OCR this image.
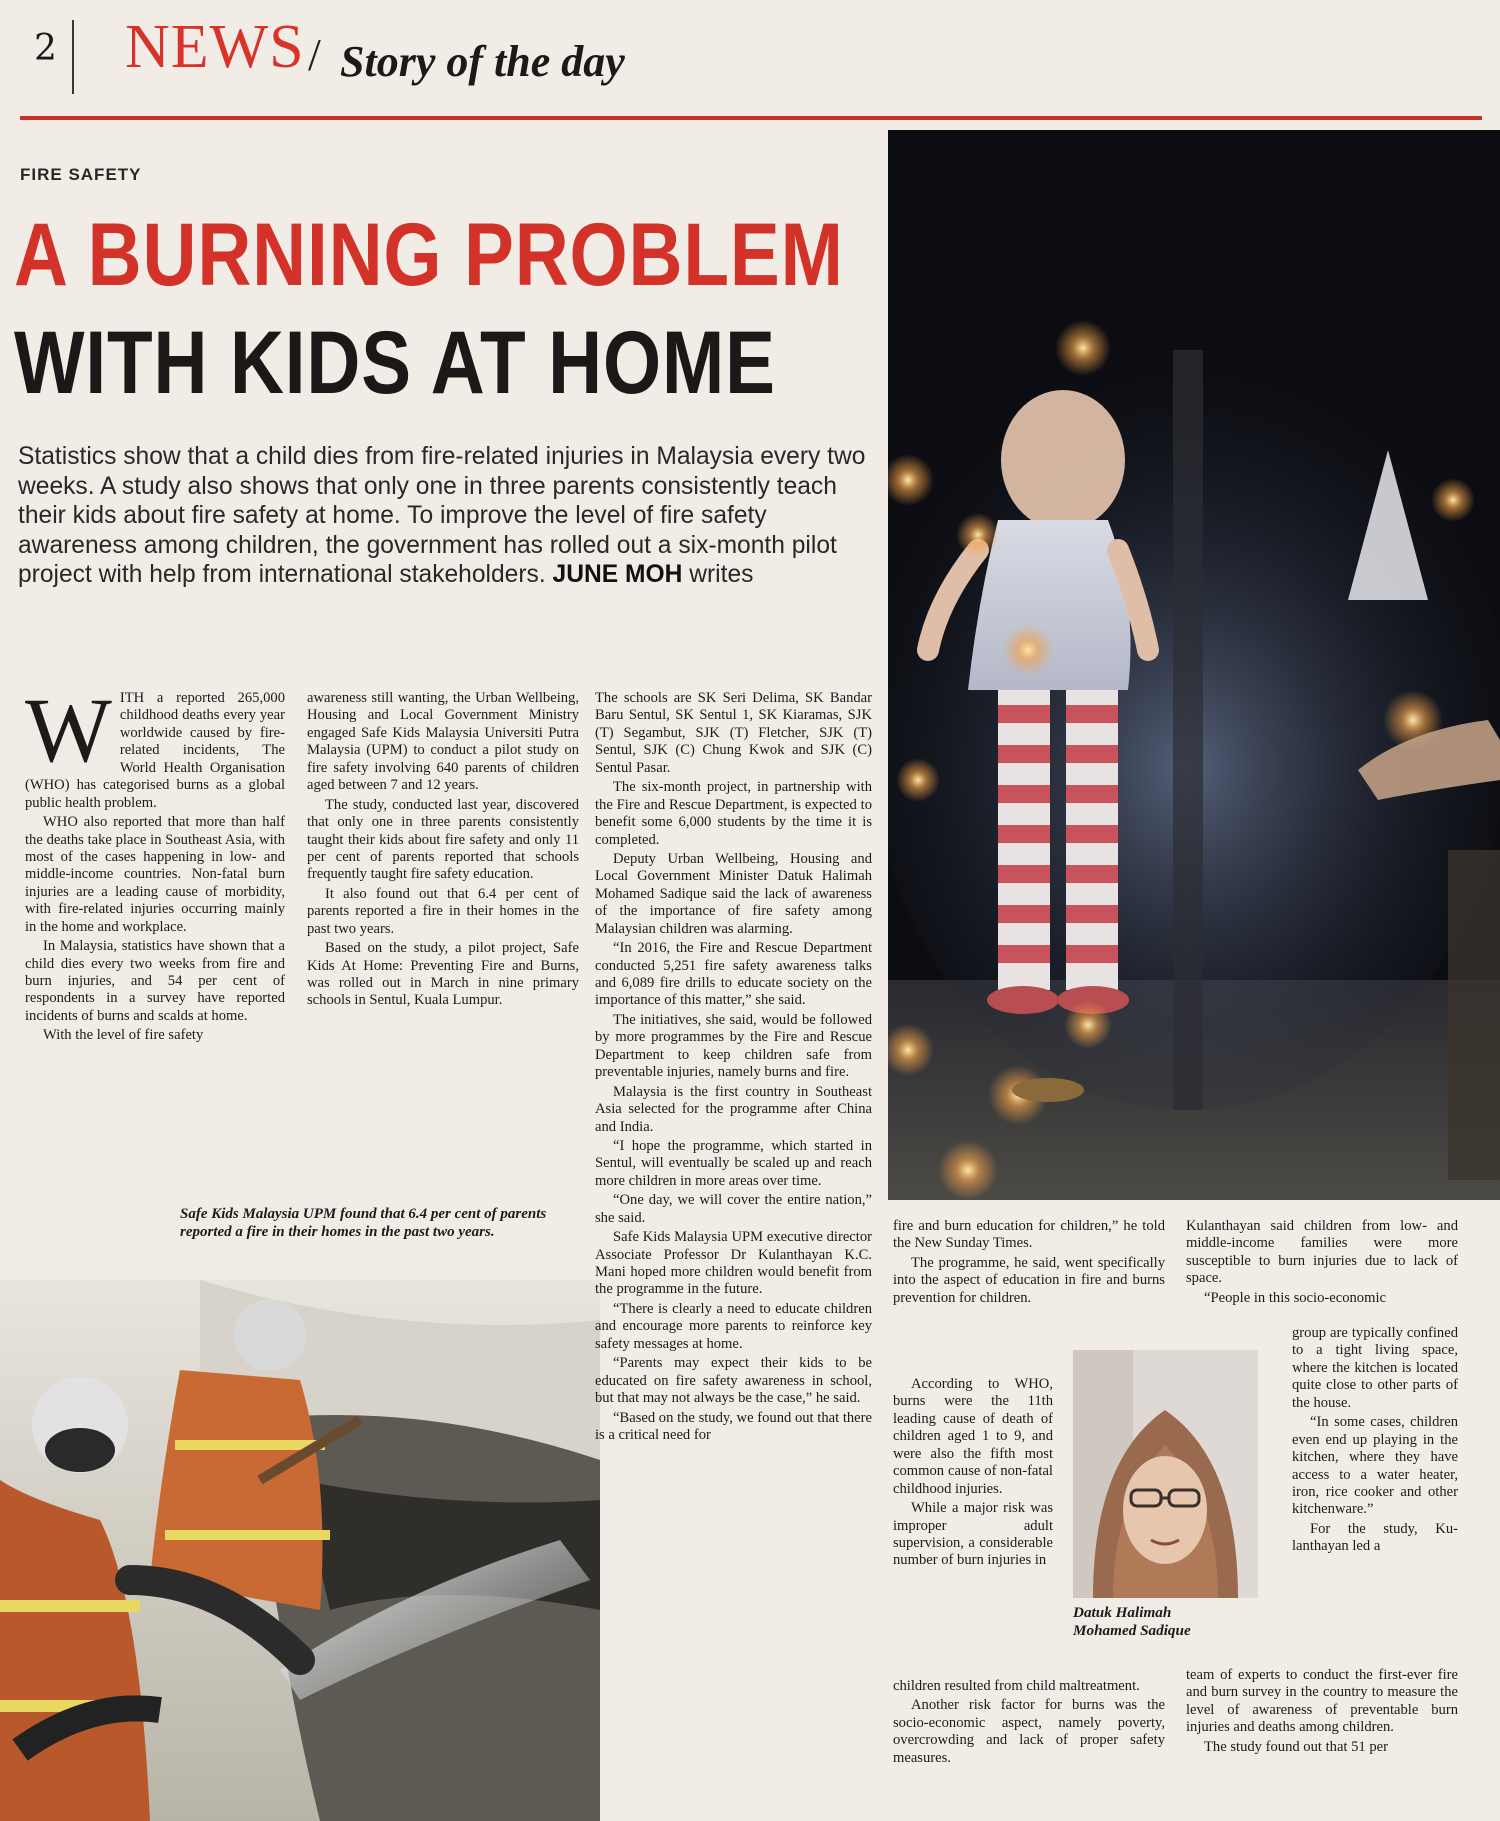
2 NEWS / Story of the day
FIRE SAFETY
A BURNING PROBLEM
WITH KIDS AT HOME
Statistics show that a child dies from fire-related injuries in Malaysia every two weeks. A study also shows that only one in three parents consistently teach their kids about fire safety at home. To improve the level of fire safety awareness among children, the government has rolled out a six-month pilot project with help from international stakeholders. JUNE MOH writes
W ITH a reported 265,000 childhood deaths every year worldwide caused by fire-related incidents, The World Health Organisation (WHO) has categorised burns as a global public health problem.

WHO also reported that more than half the deaths take place in Southeast Asia, with most of the cases happening in low- and middle-income countries. Non-fatal burn injuries are a leading cause of morbidity, with fire-related injuries occurring mainly in the home and workplace.

In Malaysia, statistics have shown that a child dies every two weeks from fire and burn injuries, and 54 per cent of respondents in a survey have reported incidents of burns and scalds at home.

With the level of fire safety

awareness still wanting, the Urban Wellbeing, Housing and Local Government Ministry engaged Safe Kids Malaysia Universiti Putra Malaysia (UPM) to conduct a pilot study on fire safety involving 640 parents of children aged between 7 and 12 years.

The study, conducted last year, discovered that only one in three parents consistently taught their kids about fire safety and only 11 per cent of parents reported that schools frequently taught fire safety education.

It also found out that 6.4 per cent of parents reported a fire in their homes in the past two years.

Based on the study, a pilot project, Safe Kids At Home: Preventing Fire and Burns, was rolled out in March in nine primary schools in Sentul, Kuala Lumpur.

Safe Kids Malaysia UPM found that 6.4 per cent of parents reported a fire in their homes in the past two years.

The schools are SK Seri Delima, SK Bandar Baru Sentul, SK Sentul 1, SK Kiaramas, SJK (T) Segambut, SJK (T) Fletcher, SJK (T) Sentul, SJK (C) Chung Kwok and SJK (C) Sentul Pasar.

The six-month project, in partnership with the Fire and Rescue Department, is expected to benefit some 6,000 students by the time it is completed.

Deputy Urban Wellbeing, Housing and Local Government Minister Datuk Halimah Mohamed Sadique said the lack of awareness of the importance of fire safety among Malaysian children was alarming.

“In 2016, the Fire and Rescue Department conducted 5,251 fire safety awareness talks and 6,089 fire drills to educate society on the importance of this matter,” she said.

The initiatives, she said, would be followed by more programmes by the Fire and Rescue Department to keep children safe from preventable injuries, namely burns and fire.

Malaysia is the first country in Southeast Asia selected for the programme after China and India.

“I hope the programme, which started in Sentul, will eventually be scaled up and reach more children in more areas over time.

“One day, we will cover the entire nation,” she said.

Safe Kids Malaysia UPM executive director Associate Professor Dr Kulanthayan K.C. Mani hoped more children would benefit from the programme in the future.

“There is clearly a need to educate children and encourage more parents to reinforce key safety messages at home.

“Parents may expect their kids to be educated on fire safety awareness in school, but that may not always be the case,” he said.

“Based on the study, we found out that there is a critical need for

fire and burn education for children,” he told the New Sunday Times.

The programme, he said, went specifically into the aspect of education in fire and burns prevention for children.

According to WHO, burns were the 11th leading cause of death of children aged 1 to 9, and were also the fifth most common cause of non-fatal childhood injuries.

While a major risk was improper adult supervision, a considerable number of burn injuries in

children resulted from child maltreatment.

Another risk factor for burns was the socio-economic aspect, namely poverty, overcrowding and lack of proper safety measures.

Datuk Halimah
Mohamed Sadique

Kulanthayan said children from low- and middle-income families were more susceptible to burn injuries due to lack of space.

“People in this socio-economic

group are typically confined to a tight living space, where the kitchen is located quite close to other parts of the house.

“In some cases, children even end up playing in the kitchen, where they have access to a water heater, iron, rice cooker and other kitchenware.”

For the study, Ku-lanthayan led a

team of experts to conduct the first-ever fire and burn survey in the country to measure the level of awareness of preventable burn injuries and deaths among children.

The study found out that 51 per
